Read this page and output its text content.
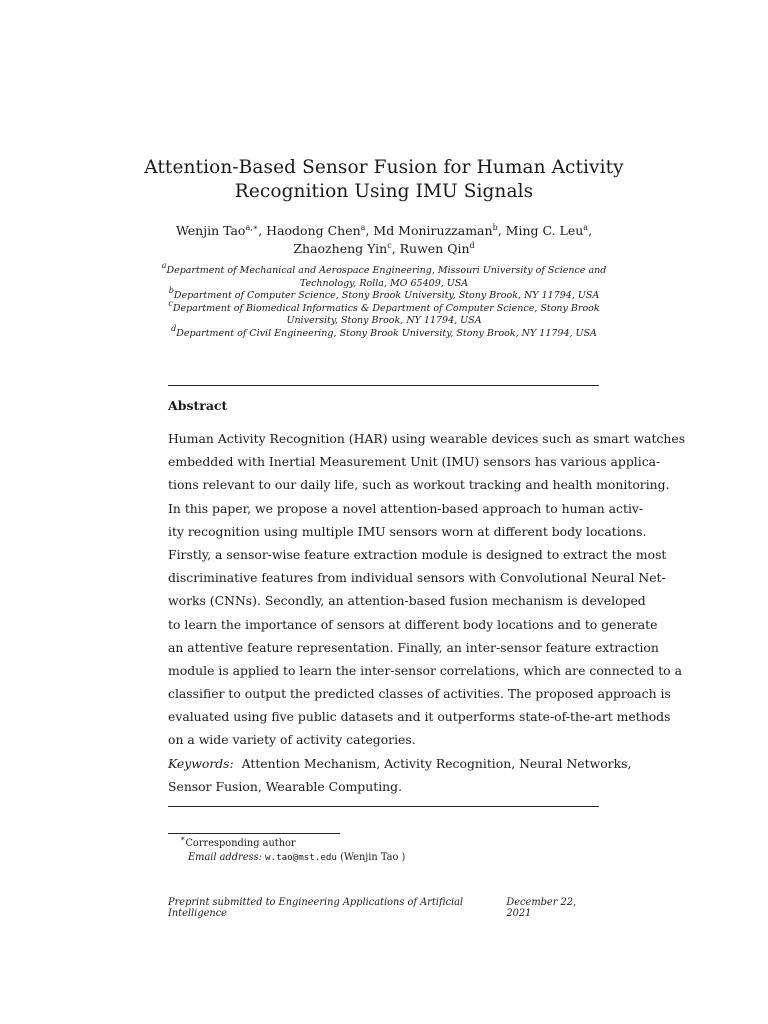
Attention-Based Sensor Fusion for Human Activity
Recognition Using IMU Signals
Wenjin Tao$^{a,∗}$, Haodong Chen$^a$, Md Moniruzzaman$^b$, Ming C. Leu$^a$,
Zhaozheng Yin$^c$, Ruwen Qin$^d$
$^a$Department of Mechanical and Aerospace Engineering, Missouri University of Science and
Technology, Rolla, MO 65409, USA
$^b$Department of Computer Science, Stony Brook University, Stony Brook, NY 11794, USA
$^c$Department of Biomedical Informatics & Department of Computer Science, Stony Brook
University, Stony Brook, NY 11794, USA
$^d$Department of Civil Engineering, Stony Brook University, Stony Brook, NY 11794, USA
Abstract
Human Activity Recognition (HAR) using wearable devices such as smart watches
embedded with Inertial Measurement Unit (IMU) sensors has various applica-
tions relevant to our daily life, such as workout tracking and health monitoring.
In this paper, we propose a novel attention-based approach to human activ-
ity recognition using multiple IMU sensors worn at different body locations.
Firstly, a sensor-wise feature extraction module is designed to extract the most
discriminative features from individual sensors with Convolutional Neural Net-
works (CNNs). Secondly, an attention-based fusion mechanism is developed
to learn the importance of sensors at different body locations and to generate
an attentive feature representation. Finally, an inter-sensor feature extraction
module is applied to learn the inter-sensor correlations, which are connected to a
classifier to output the predicted classes of activities. The proposed approach is
evaluated using five public datasets and it outperforms state-of-the-art methods
on a wide variety of activity categories.
Keywords: Attention Mechanism, Activity Recognition, Neural Networks,
Sensor Fusion, Wearable Computing.
∗Corresponding author
Email address: w.tao@mst.edu (Wenjin Tao )
Preprint submitted to Engineering Applications of Artificial Intelligence
December 22, 2021
